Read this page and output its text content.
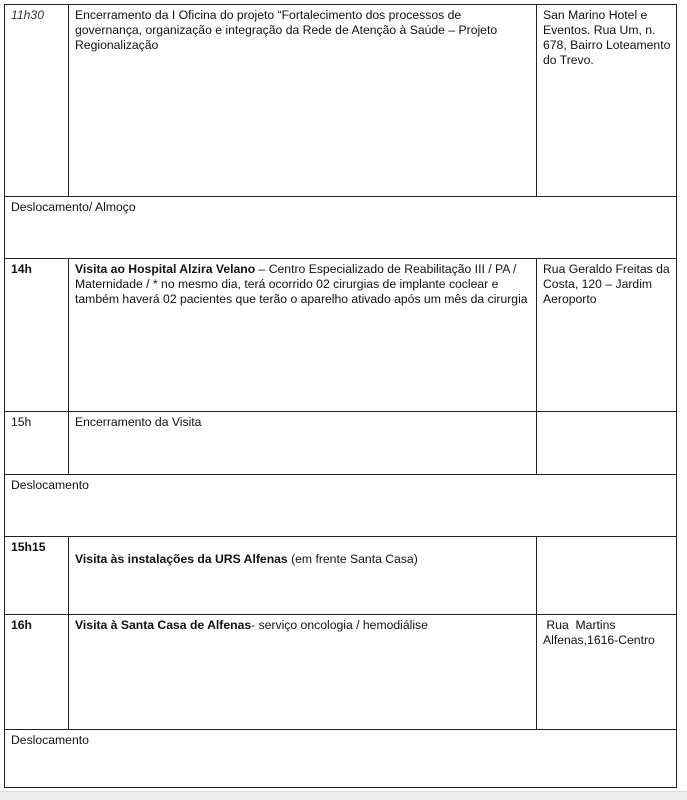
11h30	Encerramento da I Oficina do projeto “Fortalecimento dos processos de governança, organização e integração da Rede de Atenção à Saúde – Projeto Regionalização	San Marino Hotel e Eventos. Rua Um, n. 678, Bairro Loteamento do Trevo.
Deslocamento/ Almoço		
14h	Visita ao Hospital Alzira Velano – Centro Especializado de Reabilitação III / PA / Maternidade / * no mesmo dia, terá ocorrido 02 cirurgias de implante coclear e também haverá 02 pacientes que terão o aparelho ativado após um mês da cirurgia	Rua Geraldo Freitas da Costa, 120 – Jardim Aeroporto
15h	Encerramento da Visita	
Deslocamento		
15h15	Visita às instalações da URS Alfenas (em frente Santa Casa)	
16h	Visita à Santa Casa de Alfenas- serviço oncologia / hemodiálise	Rua  Martins Alfenas,1616-Centro
Deslocamento		
